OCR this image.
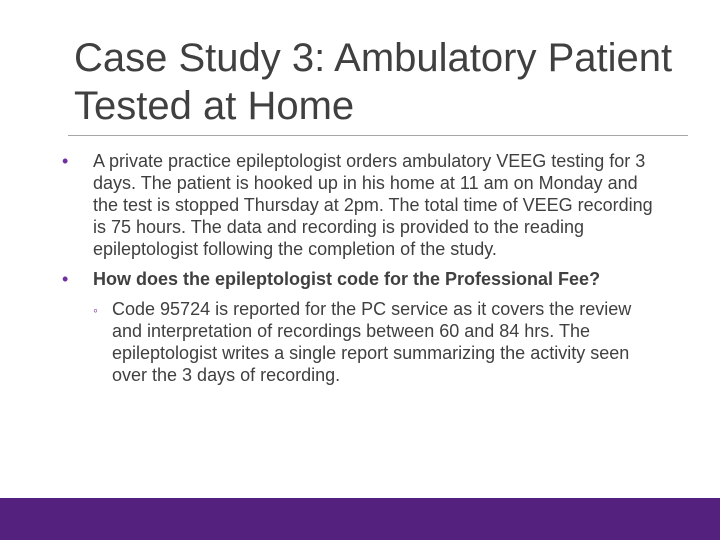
Case Study 3: Ambulatory Patient Tested at Home
•	A private practice epileptologist orders ambulatory VEEG testing for 3 days. The patient is hooked up in his home at 11 am on Monday and the test is stopped Thursday at 2pm. The total time of VEEG recording is 75 hours. The data and recording is provided to the reading epileptologist following the completion of the study.
•	How does the epileptologist code for the Professional Fee?
◦ Code 95724 is reported for the PC service as it covers the review and interpretation of recordings between 60 and 84 hrs. The epileptologist writes a single report summarizing the activity seen over the 3 days of recording.
